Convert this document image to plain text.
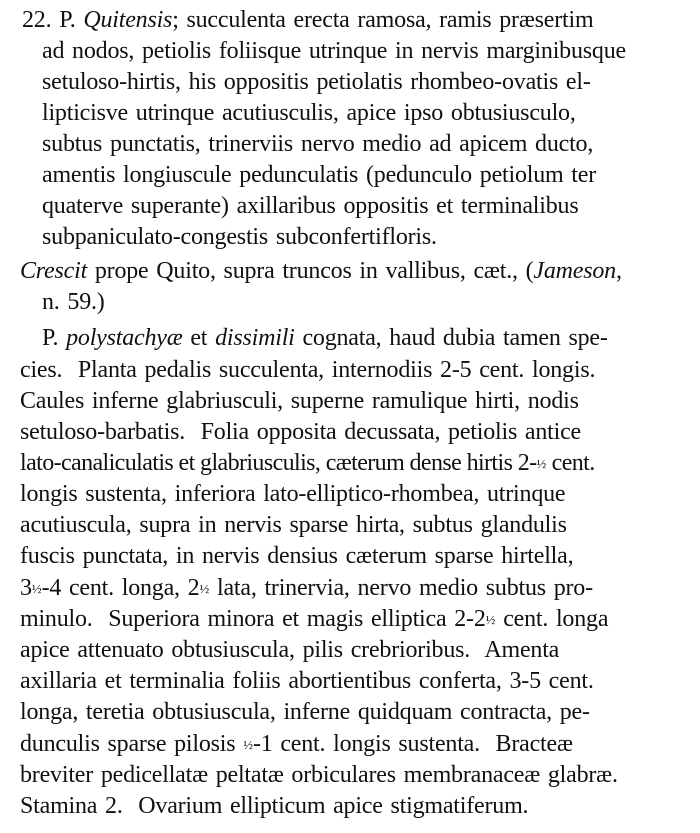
22. P. Quitensis; succulenta erecta ramosa, ramis præsertim
ad nodos, petiolis foliisque utrinque in nervis marginibusque
setuloso-hirtis, his oppositis petiolatis rhombeo-ovatis el-
lipticisve utrinque acutiusculis, apice ipso obtusiusculo,
subtus punctatis, trinerviis nervo medio ad apicem ducto,
amentis longiuscule pedunculatis (pedunculo petiolum ter
quaterve superante) axillaribus oppositis et terminalibus
subpaniculato-congestis subconfertifloris.
Crescit prope Quito, supra truncos in vallibus, cæt., (Jameson,
n. 59.)
P. polystachyæ et dissimili cognata, haud dubia tamen spe-
cies.  Planta pedalis succulenta, internodiis 2-5 cent. longis.
Caules inferne glabriusculi, superne ramulique hirti, nodis
setuloso-barbatis.  Folia opposita decussata, petiolis antice
lato-canaliculatis et glabriusculis, cæterum dense hirtis 2-½ cent.
longis sustenta, inferiora lato-elliptico-rhombea, utrinque
acutiuscula, supra in nervis sparse hirta, subtus glandulis
fuscis punctata, in nervis densius cæterum sparse hirtella,
3½-4 cent. longa, 2½ lata, trinervia, nervo medio subtus pro-
minulo.  Superiora minora et magis elliptica 2-2½ cent. longa
apice attenuato obtusiuscula, pilis crebrioribus.  Amenta
axillaria et terminalia foliis abortientibus conferta, 3-5 cent.
longa, teretia obtusiuscula, inferne quidquam contracta, pe-
dunculis sparse pilosis ½-1 cent. longis sustenta.  Bracteæ
breviter pedicellatæ peltatæ orbiculares membranaceæ glabræ.
Stamina 2.  Ovarium ellipticum apice stigmatiferum.
